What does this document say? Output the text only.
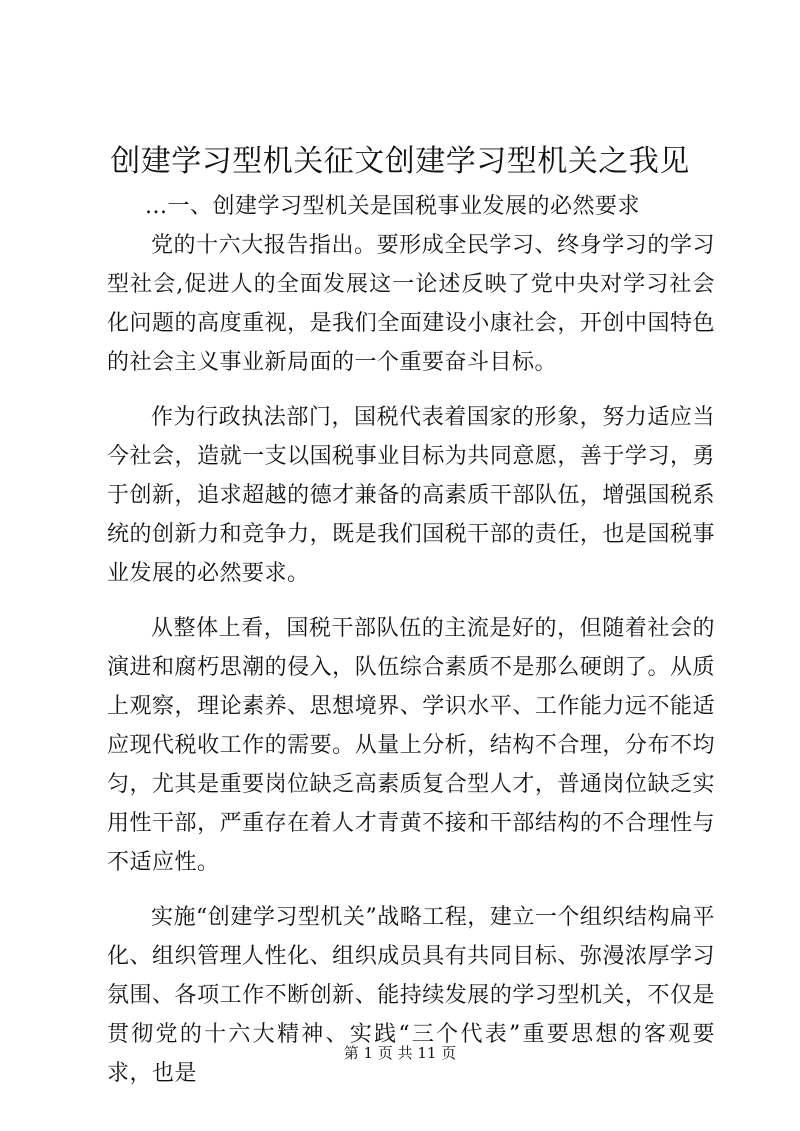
创建学习型机关征文创建学习型机关之我见

...一、创建学习型机关是国税事业发展的必然要求

党的十六大报告指出。要形成全民学习、终身学习的学习型社会,促进人的全面发展这一论述反映了党中央对学习社会化问题的高度重视，是我们全面建设小康社会，开创中国特色的社会主义事业新局面的一个重要奋斗目标。

作为行政执法部门，国税代表着国家的形象，努力适应当今社会，造就一支以国税事业目标为共同意愿，善于学习，勇于创新，追求超越的德才兼备的高素质干部队伍，增强国税系统的创新力和竞争力，既是我们国税干部的责任，也是国税事业发展的必然要求。

从整体上看，国税干部队伍的主流是好的，但随着社会的演进和腐朽思潮的侵入，队伍综合素质不是那么硬朗了。从质上观察，理论素养、思想境界、学识水平、工作能力远不能适应现代税收工作的需要。从量上分析，结构不合理，分布不均匀，尤其是重要岗位缺乏高素质复合型人才，普通岗位缺乏实用性干部，严重存在着人才青黄不接和干部结构的不合理性与不适应性。

实施“创建学习型机关”战略工程，建立一个组织结构扁平化、组织管理人性化、组织成员具有共同目标、弥漫浓厚学习氛围、各项工作不断创新、能持续发展的学习型机关，不仅是贯彻党的十六大精神、实践“三个代表”重要思想的客观要求，也是

第 1 页 共 11 页
